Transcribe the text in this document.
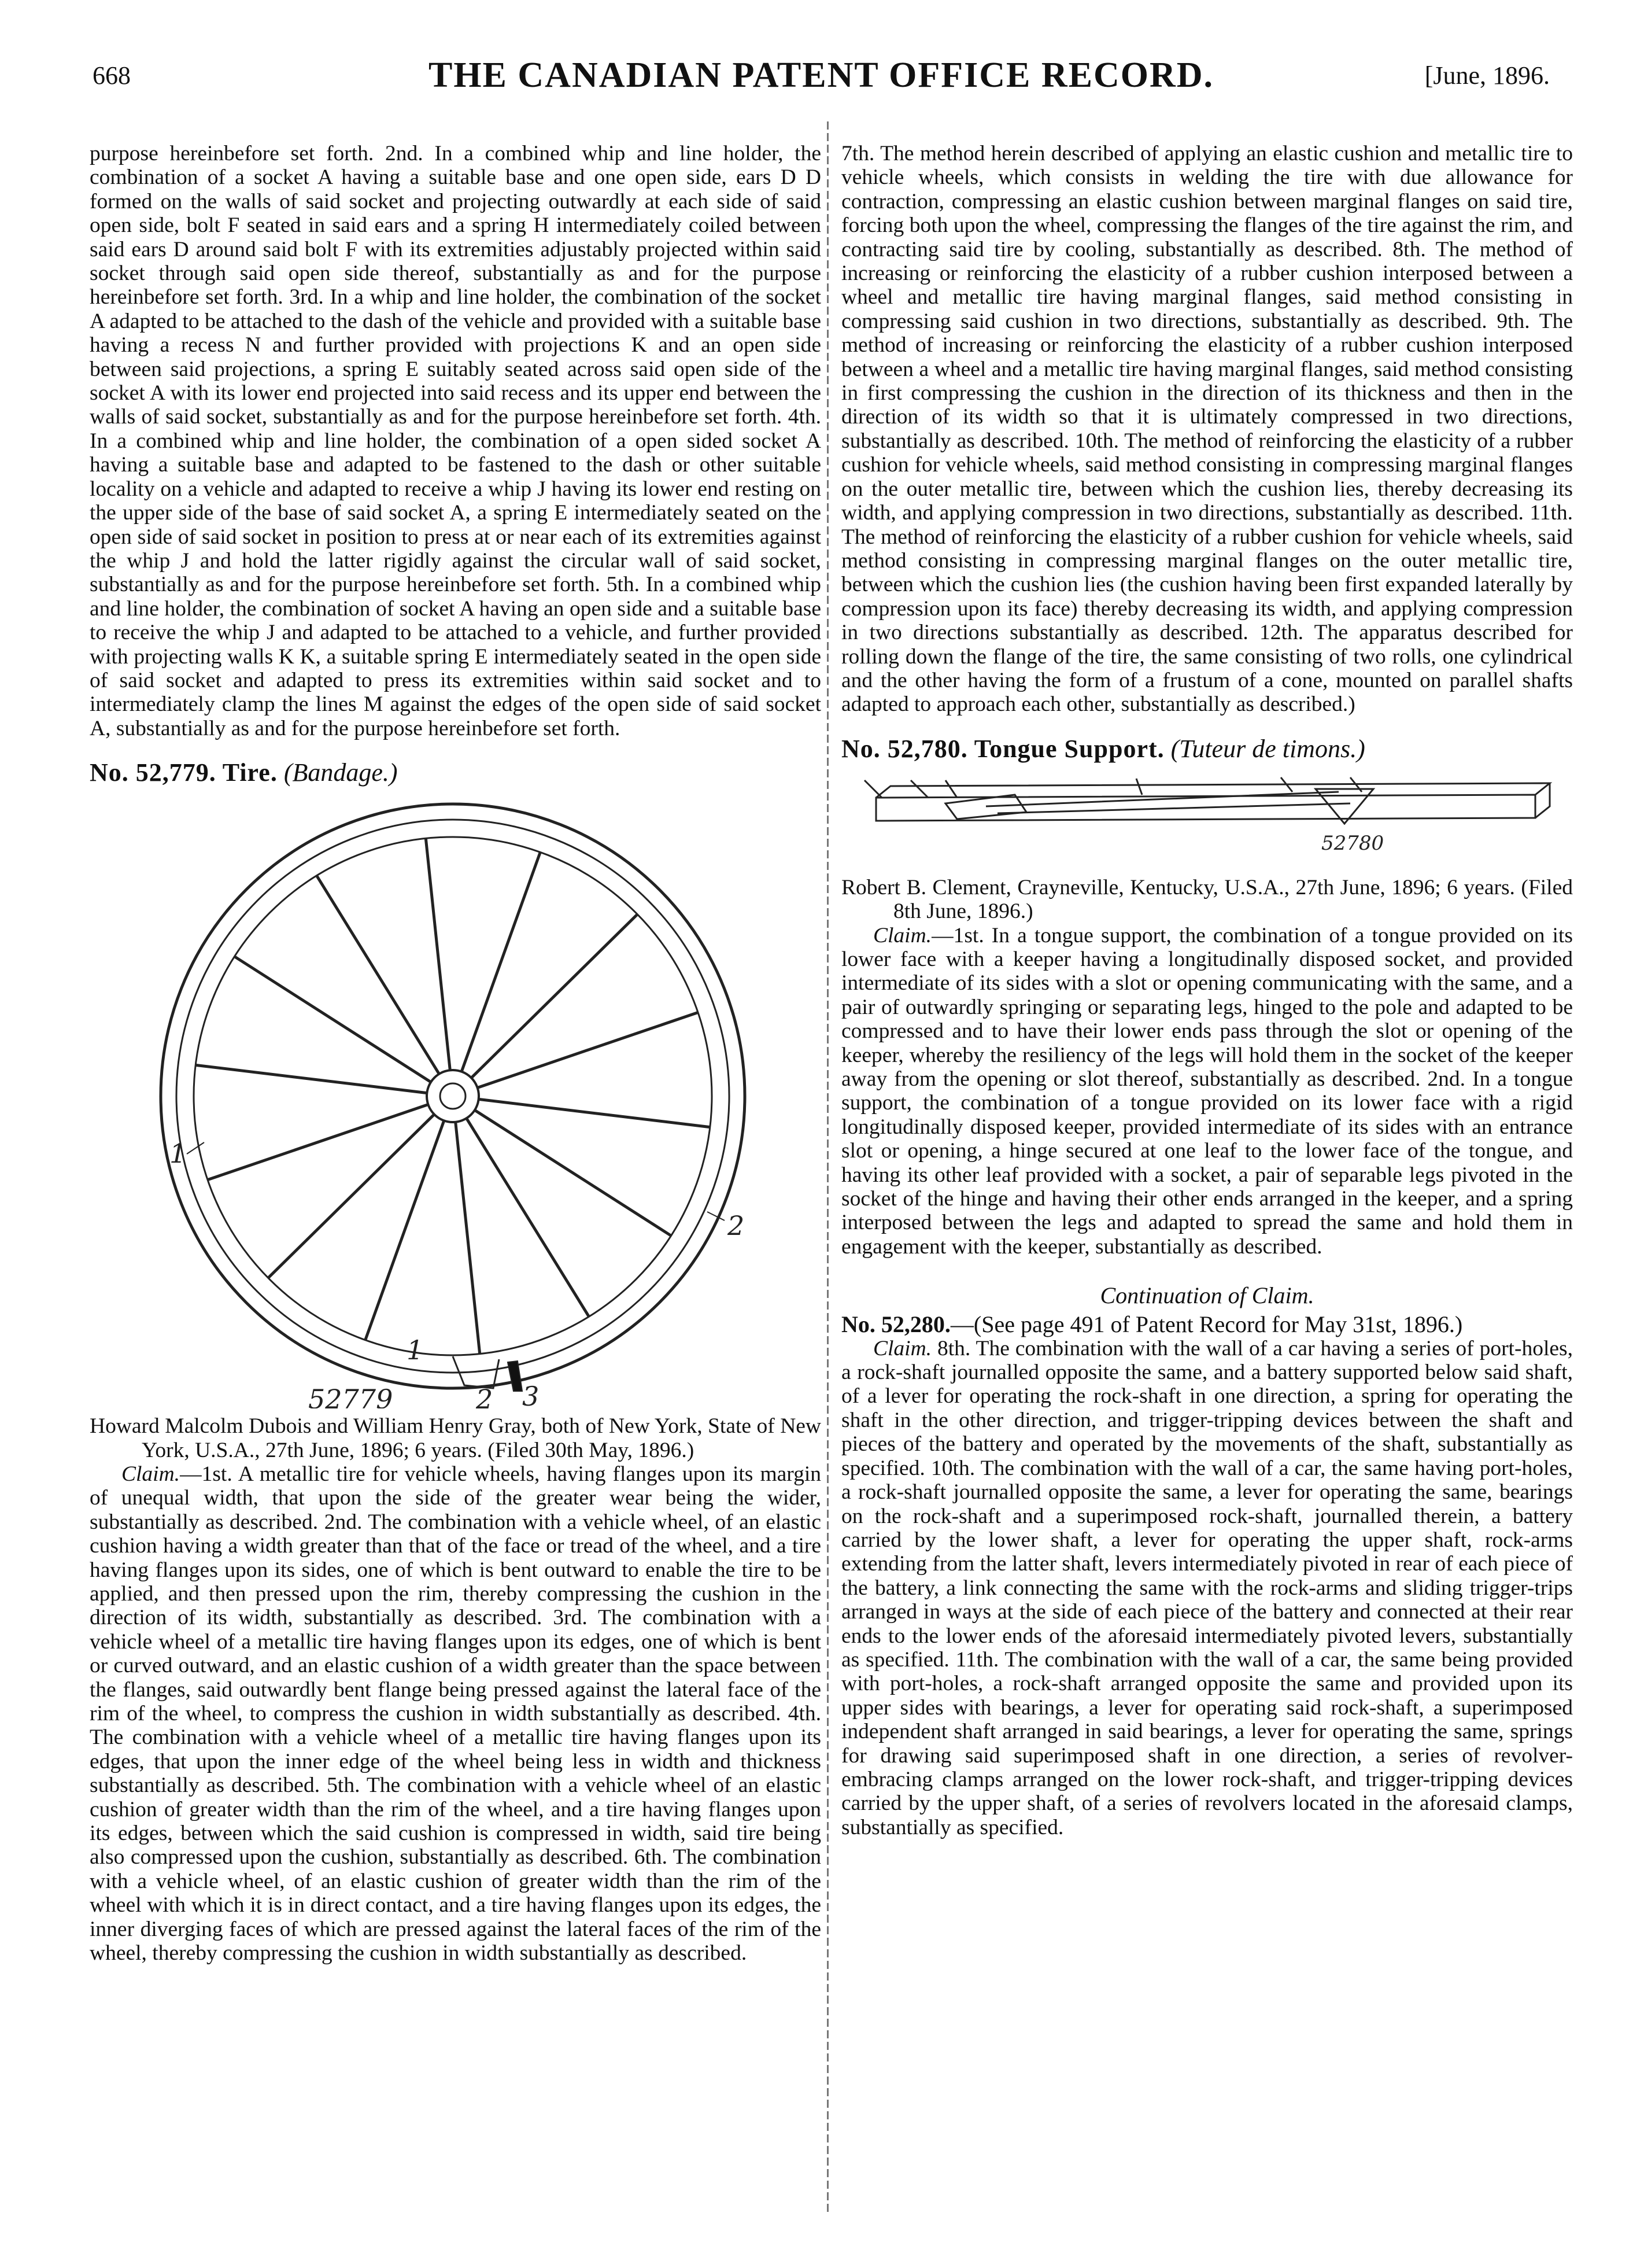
668	THE CANADIAN PATENT OFFICE RECORD.	[June, 1896.

purpose hereinbefore set forth. 2nd. In a combined whip and line holder, the combination of a socket A having a suitable base and one open side, ears D D formed on the walls of said socket and projecting outwardly at each side of said open side, bolt F seated in said ears and a spring H intermediately coiled between said ears D around said bolt F with its extremities adjustably projected within said socket through said open side thereof, substantially as and for the purpose hereinbefore set forth. 3rd. In a whip and line holder, the combination of the socket A adapted to be attached to the dash of the vehicle and provided with a suitable base having a recess N and further provided with projections K and an open side between said projections, a spring E suitably seated across said open side of the socket A with its lower end projected into said recess and its upper end between the walls of said socket, substantially as and for the purpose hereinbefore set forth. 4th. In a combined whip and line holder, the combination of a open sided socket A having a suitable base and adapted to be fastened to the dash or other suitable locality on a vehicle and adapted to receive a whip J having its lower end resting on the upper side of the base of said socket A, a spring E intermediately seated on the open side of said socket in position to press at or near each of its extremities against the whip J and hold the latter rigidly against the circular wall of said socket, substantially as and for the purpose hereinbefore set forth. 5th. In a combined whip and line holder, the combination of socket A having an open side and a suitable base to receive the whip J and adapted to be attached to a vehicle, and further provided with projecting walls K K, a suitable spring E intermediately seated in the open side of said socket and adapted to press its extremities within said socket and to intermediately clamp the lines M against the edges of the open side of said socket A, substantially as and for the purpose hereinbefore set forth.

No. 52,779. Tire. (Bandage.)
1
2
1
2 3
52779

Howard Malcolm Dubois and William Henry Gray, both of New York, State of New York, U.S.A., 27th June, 1896; 6 years. (Filed 30th May, 1896.)

Claim.—1st. A metallic tire for vehicle wheels, having flanges upon its margin of unequal width, that upon the side of the greater wear being the wider, substantially as described. 2nd. The combination with a vehicle wheel, of an elastic cushion having a width greater than that of the face or tread of the wheel, and a tire having flanges upon its sides, one of which is bent outward to enable the tire to be applied, and then pressed upon the rim, thereby compressing the cushion in the direction of its width, substantially as described. 3rd. The combination with a vehicle wheel of a metallic tire having flanges upon its edges, one of which is bent or curved outward, and an elastic cushion of a width greater than the space between the flanges, said outwardly bent flange being pressed against the lateral face of the rim of the wheel, to compress the cushion in width substantially as described. 4th. The combination with a vehicle wheel of a metallic tire having flanges upon its edges, that upon the inner edge of the wheel being less in width and thickness substantially as described. 5th. The combination with a vehicle wheel of an elastic cushion of greater width than the rim of the wheel, and a tire having flanges upon its edges, between which the said cushion is compressed in width, said tire being also compressed upon the cushion, substantially as described. 6th. The combination with a vehicle wheel, of an elastic cushion of greater width than the rim of the wheel with which it is in direct contact, and a tire having flanges upon its edges, the inner diverging faces of which are pressed against the lateral faces of the rim of the wheel, thereby compressing the cushion in width substantially as described.

7th. The method herein described of applying an elastic cushion and metallic tire to vehicle wheels, which consists in welding the tire with due allowance for contraction, compressing an elastic cushion between marginal flanges on said tire, forcing both upon the wheel, compressing the flanges of the tire against the rim, and contracting said tire by cooling, substantially as described. 8th. The method of increasing or reinforcing the elasticity of a rubber cushion interposed between a wheel and metallic tire having marginal flanges, said method consisting in compressing said cushion in two directions, substantially as described. 9th. The method of increasing or reinforcing the elasticity of a rubber cushion interposed between a wheel and a metallic tire having marginal flanges, said method consisting in first compressing the cushion in the direction of its thickness and then in the direction of its width so that it is ultimately compressed in two directions, substantially as described. 10th. The method of reinforcing the elasticity of a rubber cushion for vehicle wheels, said method consisting in compressing marginal flanges on the outer metallic tire, between which the cushion lies, thereby decreasing its width, and applying compression in two directions, substantially as described. 11th. The method of reinforcing the elasticity of a rubber cushion for vehicle wheels, said method consisting in compressing marginal flanges on the outer metallic tire, between which the cushion lies (the cushion having been first expanded laterally by compression upon its face) thereby decreasing its width, and applying compression in two directions substantially as described. 12th. The apparatus described for rolling down the flange of the tire, the same consisting of two rolls, one cylindrical and the other having the form of a frustum of a cone, mounted on parallel shafts adapted to approach each other, substantially as described.)

No. 52,780. Tongue Support. (Tuteur de timons.)
52780

Robert B. Clement, Crayneville, Kentucky, U.S.A., 27th June, 1896; 6 years. (Filed 8th June, 1896.)

Claim.—1st. In a tongue support, the combination of a tongue provided on its lower face with a keeper having a longitudinally disposed socket, and provided intermediate of its sides with a slot or opening communicating with the same, and a pair of outwardly springing or separating legs, hinged to the pole and adapted to be compressed and to have their lower ends pass through the slot or opening of the keeper, whereby the resiliency of the legs will hold them in the socket of the keeper away from the opening or slot thereof, substantially as described. 2nd. In a tongue support, the combination of a tongue provided on its lower face with a rigid longitudinally disposed keeper, provided intermediate of its sides with an entrance slot or opening, a hinge secured at one leaf to the lower face of the tongue, and having its other leaf provided with a socket, a pair of separable legs pivoted in the socket of the hinge and having their other ends arranged in the keeper, and a spring interposed between the legs and adapted to spread the same and hold them in engagement with the keeper, substantially as described.

Continuation of Claim.

No. 52,280.—(See page 491 of Patent Record for May 31st, 1896.)

Claim. 8th. The combination with the wall of a car having a series of port-holes, a rock-shaft journalled opposite the same, and a battery supported below said shaft, of a lever for operating the rock-shaft in one direction, a spring for operating the shaft in the other direction, and trigger-tripping devices between the shaft and pieces of the battery and operated by the movements of the shaft, substantially as specified. 10th. The combination with the wall of a car, the same having port-holes, a rock-shaft journalled opposite the same, a lever for operating the same, bearings on the rock-shaft and a superimposed rock-shaft, journalled therein, a battery carried by the lower shaft, a lever for operating the upper shaft, rock-arms extending from the latter shaft, levers intermediately pivoted in rear of each piece of the battery, a link connecting the same with the rock-arms and sliding trigger-trips arranged in ways at the side of each piece of the battery and connected at their rear ends to the lower ends of the aforesaid intermediately pivoted levers, substantially as specified. 11th. The combination with the wall of a car, the same being provided with port-holes, a rock-shaft arranged opposite the same and provided upon its upper sides with bearings, a lever for operating said rock-shaft, a superimposed independent shaft arranged in said bearings, a lever for operating the same, springs for drawing said superimposed shaft in one direction, a series of revolver-embracing clamps arranged on the lower rock-shaft, and trigger-tripping devices carried by the upper shaft, of a series of revolvers located in the aforesaid clamps, substantially as specified.
